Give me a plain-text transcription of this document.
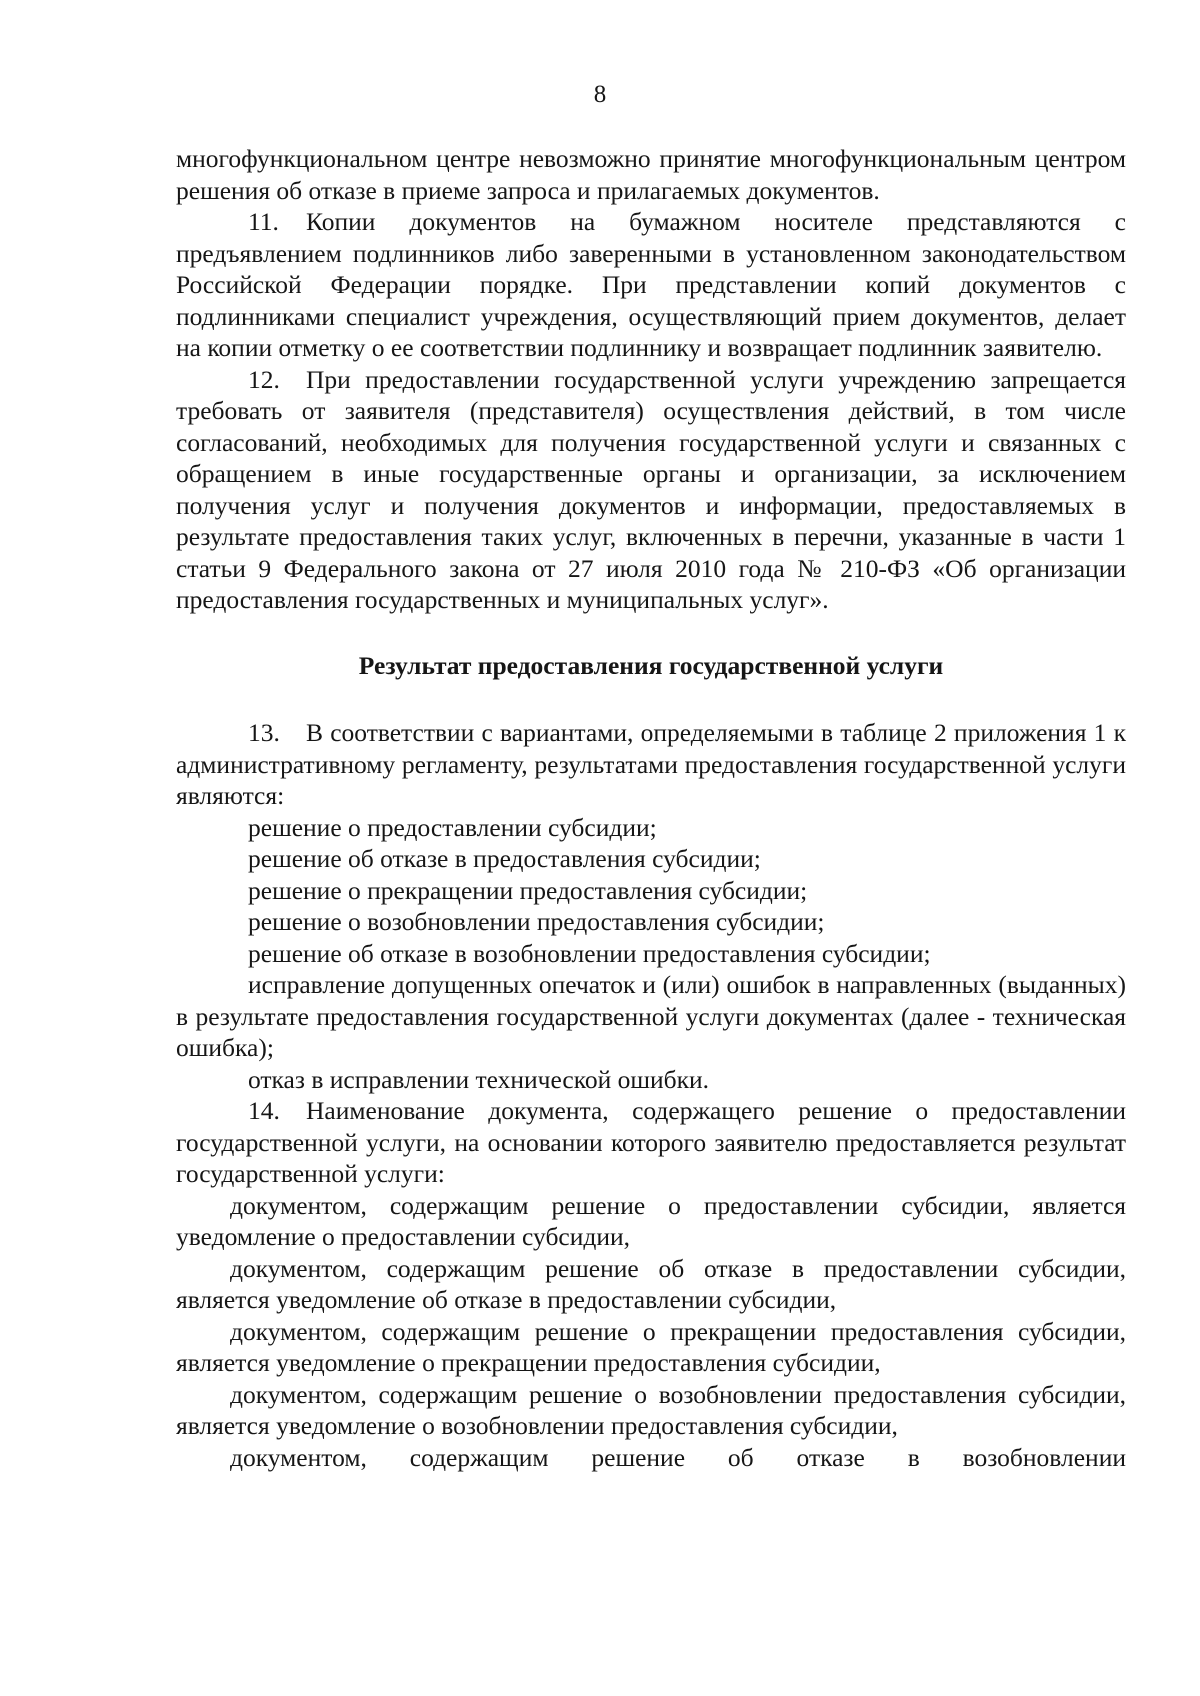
8

многофункциональном центре невозможно принятие многофункциональным центром решения об отказе в приеме запроса и прилагаемых документов.

11. Копии документов на бумажном носителе представляются с предъявлением подлинников либо заверенными в установленном законодательством Российской Федерации порядке. При представлении копий документов с подлинниками специалист учреждения, осуществляющий прием документов, делает на копии отметку о ее соответствии подлиннику и возвращает подлинник заявителю.

12. При предоставлении государственной услуги учреждению запрещается требовать от заявителя (представителя) осуществления действий, в том числе согласований, необходимых для получения государственной услуги и связанных с обращением в иные государственные органы и организации, за исключением получения услуг и получения документов и информации, предоставляемых в результате предоставления таких услуг, включенных в перечни, указанные в части 1 статьи 9 Федерального закона от 27 июля 2010 года № 210-ФЗ «Об организации предоставления государственных и муниципальных услуг».

Результат предоставления государственной услуги

13. В соответствии с вариантами, определяемыми в таблице 2 приложения 1 к административному регламенту, результатами предоставления государственной услуги являются:

решение о предоставлении субсидии;

решение об отказе в предоставления субсидии;

решение о прекращении предоставления субсидии;

решение о возобновлении предоставления субсидии;

решение об отказе в возобновлении предоставления субсидии;

исправление допущенных опечаток и (или) ошибок в направленных (выданных) в результате предоставления государственной услуги документах (далее - техническая ошибка);

отказ в исправлении технической ошибки.

14. Наименование документа, содержащего решение о предоставлении государственной услуги, на основании которого заявителю предоставляется результат государственной услуги:

документом, содержащим решение о предоставлении субсидии, является уведомление о предоставлении субсидии,

документом, содержащим решение об отказе в предоставлении субсидии, является уведомление об отказе в предоставлении субсидии,

документом, содержащим решение о прекращении предоставления субсидии, является уведомление о прекращении предоставления субсидии,

документом, содержащим решение о возобновлении предоставления субсидии, является уведомление о возобновлении предоставления субсидии,

документом, содержащим решение об отказе в возобновлении
